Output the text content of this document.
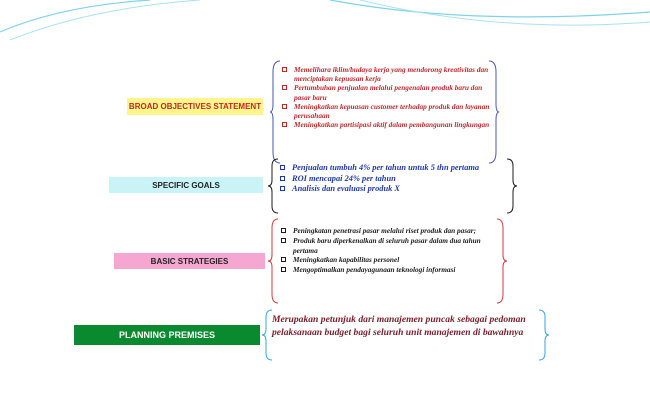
BROAD OBJECTIVES STATEMENT
Memelihara iklim/budaya kerja yang mendorong kreativitas dan menciptakan kepuasan kerja
Pertumbuhan penjualan melalui pengenalan produk baru dan pasar baru
Meningkatkan kepuasan customer terhadap produk dan layanan perusahaan
Meningkatkan partisipasi aktif dalam pembangunan lingkungan
SPECIFIC GOALS
Penjualan tumbuh 4% per tahun untuk 5 thn pertama
ROI mencapai 24% per tahun
Analisis dan evaluasi produk X
BASIC STRATEGIES
Peningkatan penetrasi pasar melalui riset produk dan pasar;
Produk baru diperkenalkan di seluruh pasar dalam dua tahun pertama
Meningkatkan kapabilitas personel
Mengoptimalkan pendayagunaan teknologi informasi
PLANNING PREMISES
Merupakan petunjuk dari manajemen puncak sebagai pedoman pelaksanaan budget bagi seluruh unit manajemen di bawahnya
